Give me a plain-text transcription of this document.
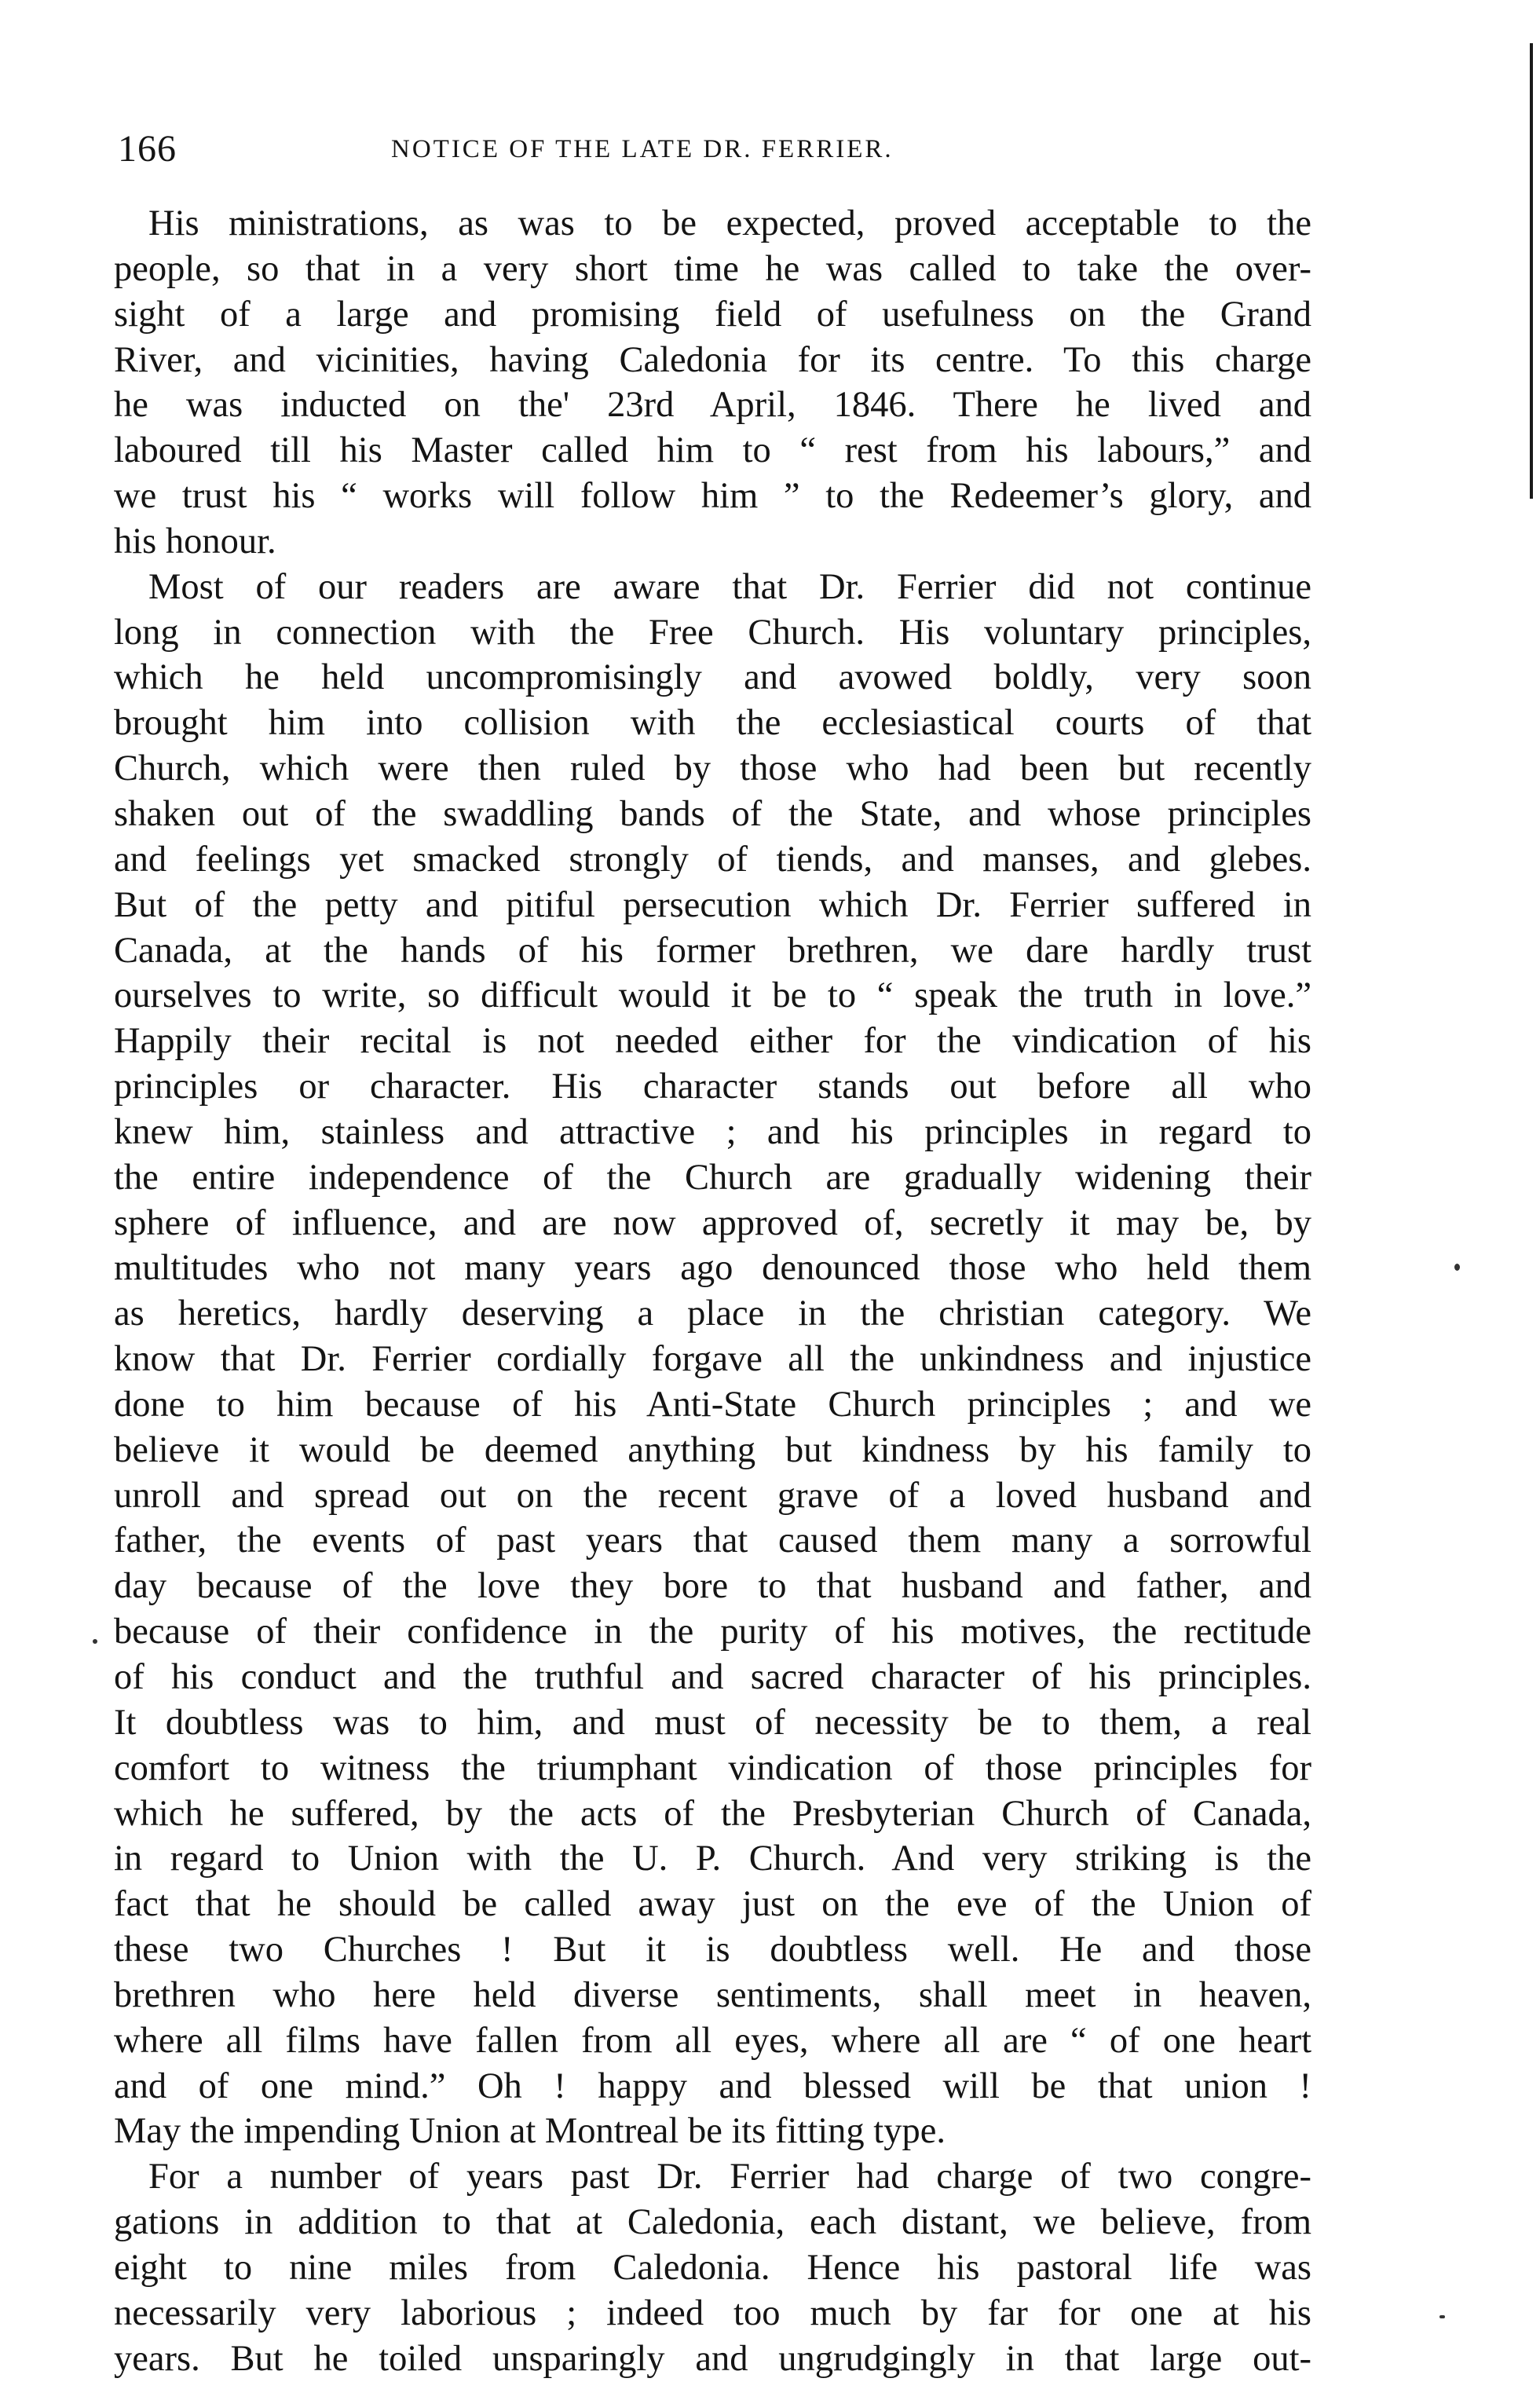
166	NOTICE OF THE LATE DR. FERRIER.
His ministrations, as was to be expected, proved acceptable to the
people, so that in a very short time he was called to take the over-
sight of a large and promising field of usefulness on the Grand
River, and vicinities, having Caledonia for its centre. To this charge
he was inducted on the' 23rd April, 1846. There he lived and
laboured till his Master called him to “ rest from his labours,” and
we trust his “ works will follow him ” to the Redeemer’s glory, and
his honour.
Most of our readers are aware that Dr. Ferrier did not continue
long in connection with the Free Church. His voluntary principles,
which he held uncompromisingly and avowed boldly, very soon
brought him into collision with the ecclesiastical courts of that
Church, which were then ruled by those who had been but recently
shaken out of the swaddling bands of the State, and whose principles
and feelings yet smacked strongly of tiends, and manses, and glebes.
But of the petty and pitiful persecution which Dr. Ferrier suffered in
Canada, at the hands of his former brethren, we dare hardly trust
ourselves to write, so difficult would it be to “ speak the truth in love.”
Happily their recital is not needed either for the vindication of his
principles or character. His character stands out before all who
knew him, stainless and attractive ; and his principles in regard to
the entire independence of the Church are gradually widening their
sphere of influence, and are now approved of, secretly it may be, by
multitudes who not many years ago denounced those who held them
as heretics, hardly deserving a place in the christian category. We
know that Dr. Ferrier cordially forgave all the unkindness and injustice
done to him because of his Anti-State Church principles ; and we
believe it would be deemed anything but kindness by his family to
unroll and spread out on the recent grave of a loved husband and
father, the events of past years that caused them many a sorrowful
day because of the love they bore to that husband and father, and
because of their confidence in the purity of his motives, the rectitude
of his conduct and the truthful and sacred character of his principles.
It doubtless was to him, and must of necessity be to them, a real
comfort to witness the triumphant vindication of those principles for
which he suffered, by the acts of the Presbyterian Church of Canada,
in regard to Union with the U. P. Church. And very striking is the
fact that he should be called away just on the eve of the Union of
these two Churches ! But it is doubtless well. He and those
brethren who here held diverse sentiments, shall meet in heaven,
where all films have fallen from all eyes, where all are “ of one heart
and of one mind.” Oh ! happy and blessed will be that union !
May the impending Union at Montreal be its fitting type.
For a number of years past Dr. Ferrier had charge of two congre-
gations in addition to that at Caledonia, each distant, we believe, from
eight to nine miles from Caledonia. Hence his pastoral life was
necessarily very laborious ; indeed too much by far for one at his
years. But he toiled unsparingly and ungrudgingly in that large out-
